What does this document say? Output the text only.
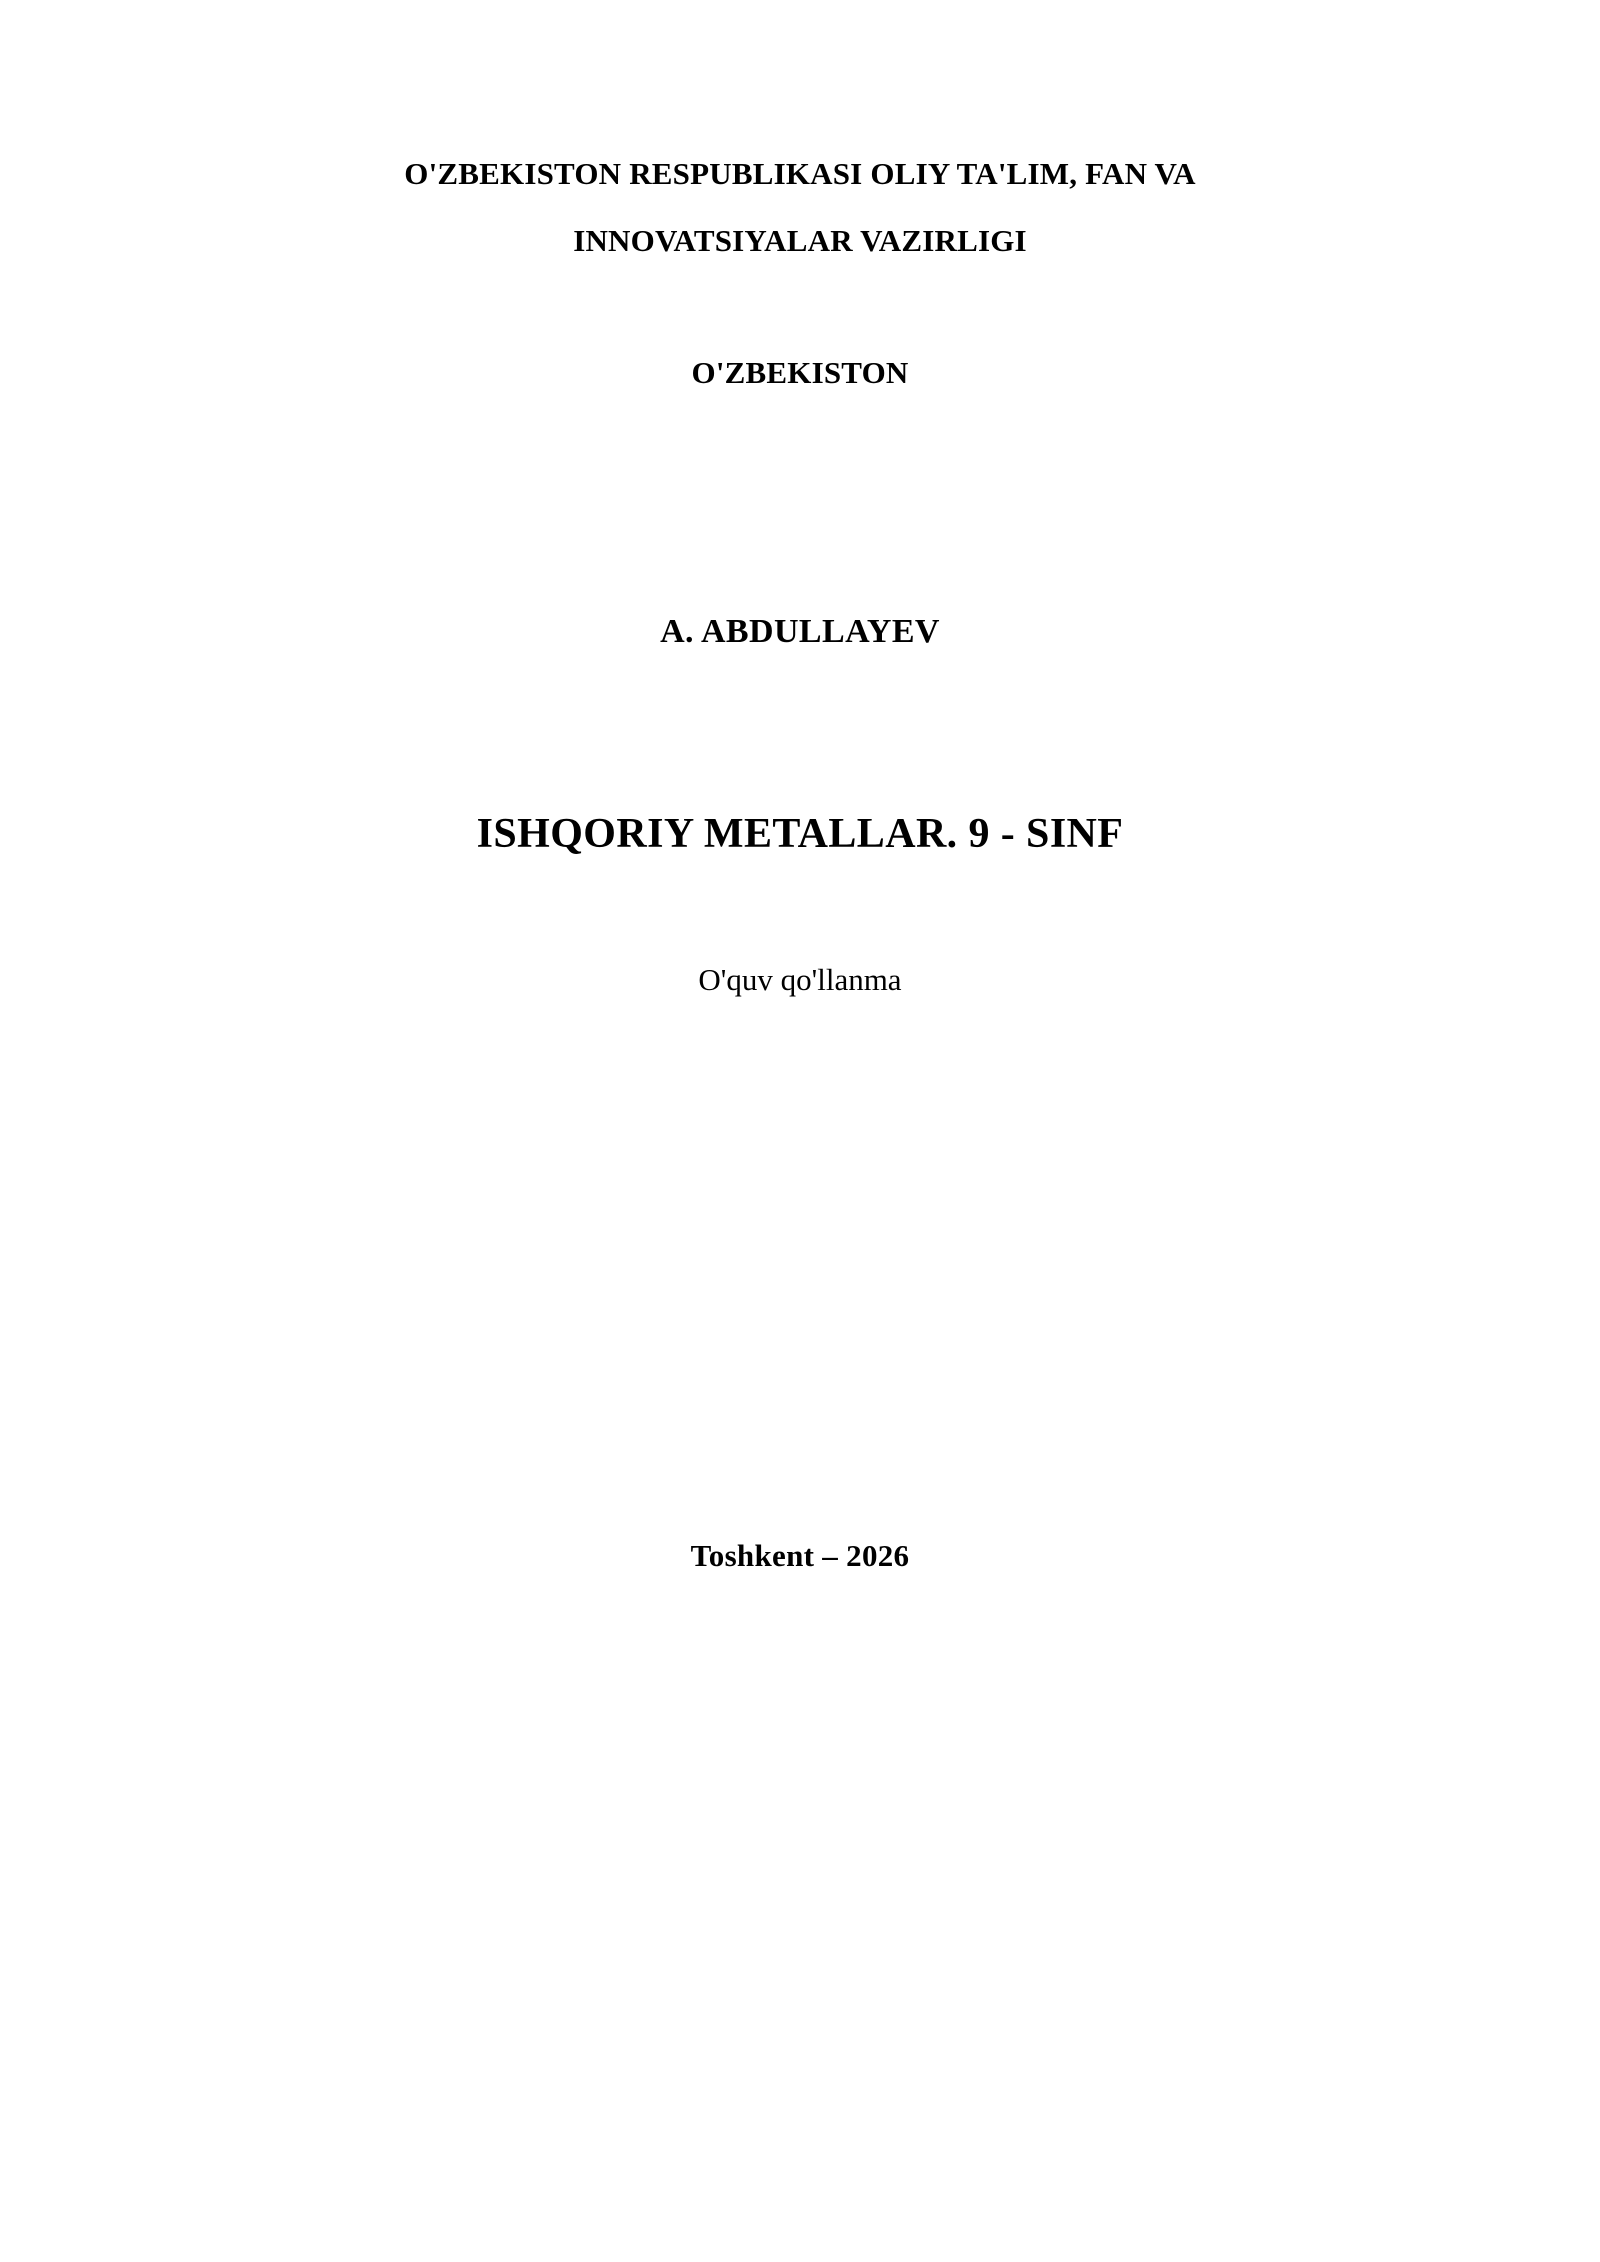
O'ZBEKISTON RESPUBLIKASI OLIY TA'LIM, FAN VA
INNOVATSIYALAR VAZIRLIGI
O'ZBEKISTON
A. ABDULLAYEV
ISHQORIY METALLAR. 9 - SINF
O'quv qo'llanma
Toshkent – 2026
